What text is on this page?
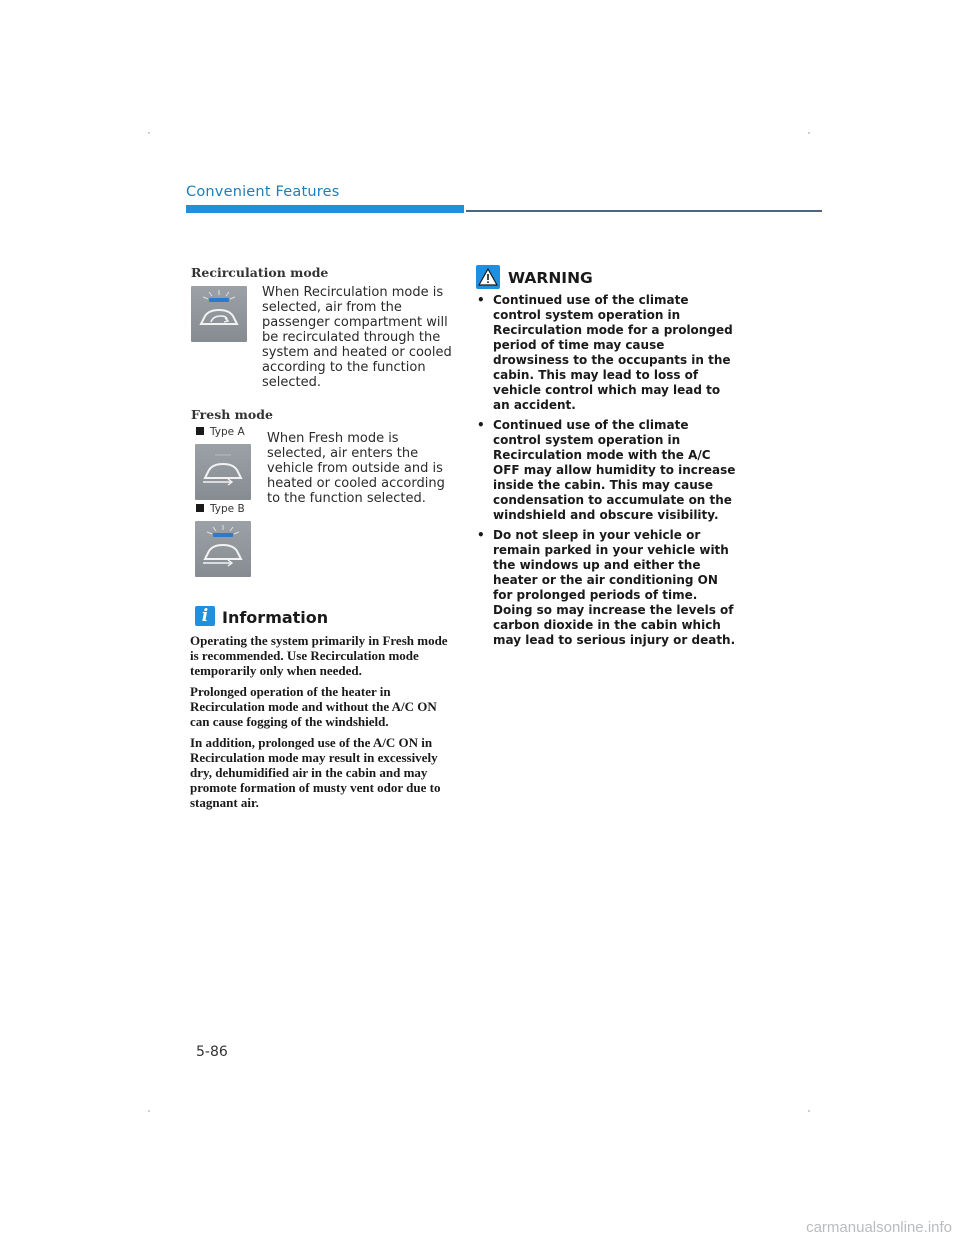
Convenient Features
Recirculation mode
When Recirculation mode is selected, air from the passenger compartment will be recirculated through the system and heated or cooled according to the function selected.
Fresh mode
Type A
Type B
When Fresh mode is selected, air enters the vehicle from outside and is heated or cooled according to the function selected.
i Information

Operating the system primarily in Fresh mode is recommended. Use Recirculation mode temporarily only when needed.

Prolonged operation of the heater in Recirculation mode and without the A/C ON can cause fogging of the windshield.

In addition, prolonged use of the A/C ON in Recirculation mode may result in excessively dry, dehumidified air in the cabin and may promote formation of musty vent odor due to stagnant air.

WARNING
• Continued use of the climate control system operation in Recirculation mode for a prolonged period of time may cause drowsiness to the occupants in the cabin. This may lead to loss of vehicle control which may lead to an accident.
• Continued use of the climate control system operation in Recirculation mode with the A/C OFF may allow humidity to increase inside the cabin. This may cause condensation to accumulate on the windshield and obscure visibility.
• Do not sleep in your vehicle or remain parked in your vehicle with the windows up and either the heater or the air conditioning ON for prolonged periods of time. Doing so may increase the levels of carbon dioxide in the cabin which may lead to serious injury or death.
5-86
carmanualsonline.info
